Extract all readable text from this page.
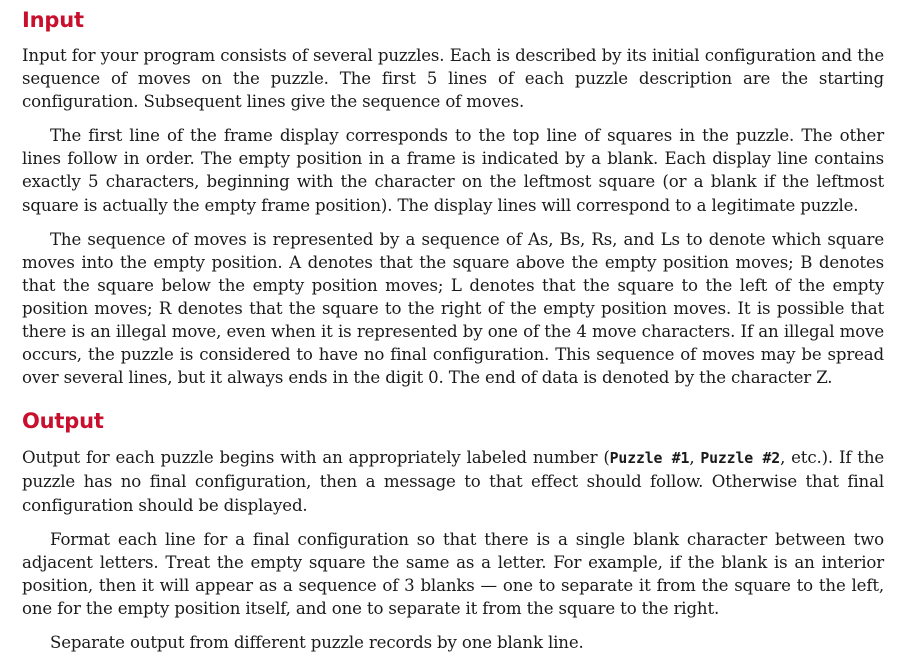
Input

Input for your program consists of several puzzles. Each is described by its initial configuration and the sequence of moves on the puzzle. The first 5 lines of each puzzle description are the starting configuration. Subsequent lines give the sequence of moves.

The first line of the frame display corresponds to the top line of squares in the puzzle. The other lines follow in order. The empty position in a frame is indicated by a blank. Each display line contains exactly 5 characters, beginning with the character on the leftmost square (or a blank if the leftmost square is actually the empty frame position). The display lines will correspond to a legitimate puzzle.

The sequence of moves is represented by a sequence of As, Bs, Rs, and Ls to denote which square moves into the empty position. A denotes that the square above the empty position moves; B denotes that the square below the empty position moves; L denotes that the square to the left of the empty position moves; R denotes that the square to the right of the empty position moves. It is possible that there is an illegal move, even when it is represented by one of the 4 move characters. If an illegal move occurs, the puzzle is considered to have no final configuration. This sequence of moves may be spread over several lines, but it always ends in the digit 0. The end of data is denoted by the character Z.

Output

Output for each puzzle begins with an appropriately labeled number (Puzzle #1, Puzzle #2, etc.). If the puzzle has no final configuration, then a message to that effect should follow. Otherwise that final configuration should be displayed.

Format each line for a final configuration so that there is a single blank character between two adjacent letters. Treat the empty square the same as a letter. For example, if the blank is an interior position, then it will appear as a sequence of 3 blanks — one to separate it from the square to the left, one for the empty position itself, and one to separate it from the square to the right.

Separate output from different puzzle records by one blank line.
